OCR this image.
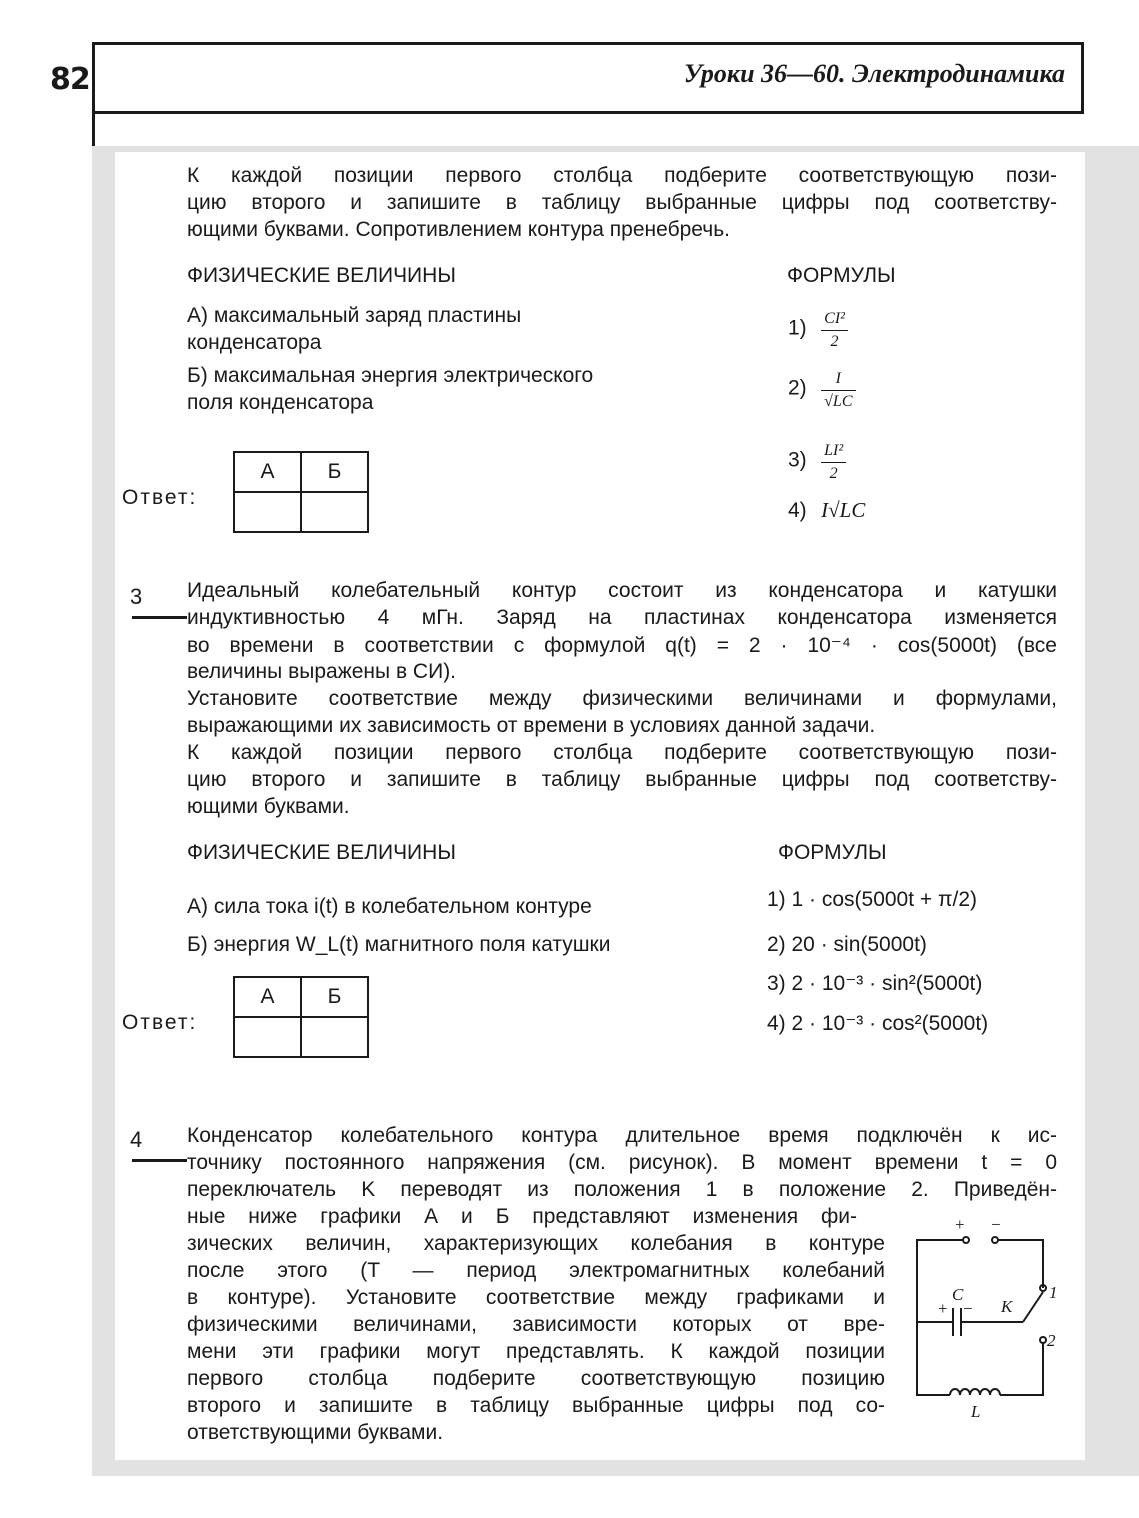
82	Уроки 36—60. Электродинамика
К каждой позиции первого столбца подберите соответствующую пози-
цию второго и запишите в таблицу выбранные цифры под соответству-
ющими буквами. Сопротивлением контура пренебречь.
ФИЗИЧЕСКИЕ ВЕЛИЧИНЫ	ФОРМУЛЫ
А) максимальный заряд пластины
конденсатора
Б) максимальная энергия электрического
поля конденсатора
$1) \frac{\text{CI²}}{2}$
$2) \frac{I}{√LC}$
$3) \frac{\text{LI²}}{2}$
4) I√LC
Ответ:
А	Б

3 Идеальный колебательный контур состоит из конденсатора и катушки
индуктивностью 4 мГн. Заряд на пластинах конденсатора изменяется
во времени в соответствии с формулой q(t) = 2 · 10⁻⁴ · cos(5000t) (все
величины выражены в СИ).
Установите соответствие между физическими величинами и формулами,
выражающими их зависимость от времени в условиях данной задачи.
К каждой позиции первого столбца подберите соответствующую пози-
цию второго и запишите в таблицу выбранные цифры под соответству-
ющими буквами.
ФИЗИЧЕСКИЕ ВЕЛИЧИНЫ	ФОРМУЛЫ
А) сила тока i(t) в колебательном контуре
Б) энергия W_L(t) магнитного поля катушки
1) 1 · cos(5000t + π/2)
2) 20 · sin(5000t)
3) 2 · 10⁻³ · sin²(5000t)
4) 2 · 10⁻³ · cos²(5000t)
Ответ:
А	Б

4 Конденсатор колебательного контура длительное время подключён к ис-
точнику постоянного напряжения (см. рисунок). В момент времени t = 0
переключатель K переводят из положения 1 в положение 2. Приведён-
ные ниже графики А и Б представляют изменения фи-
зических величин, характеризующих колебания в контуре
после этого (T — период электромагнитных колебаний
в контуре). Установите соответствие между графиками и
физическими величинами, зависимости которых от вре-
мени эти графики могут представлять. К каждой позиции
первого столбца подберите соответствующую позицию
второго и запишите в таблицу выбранные цифры под со-
ответствующими буквами.
+ −
C
+ − K
1
2
L
